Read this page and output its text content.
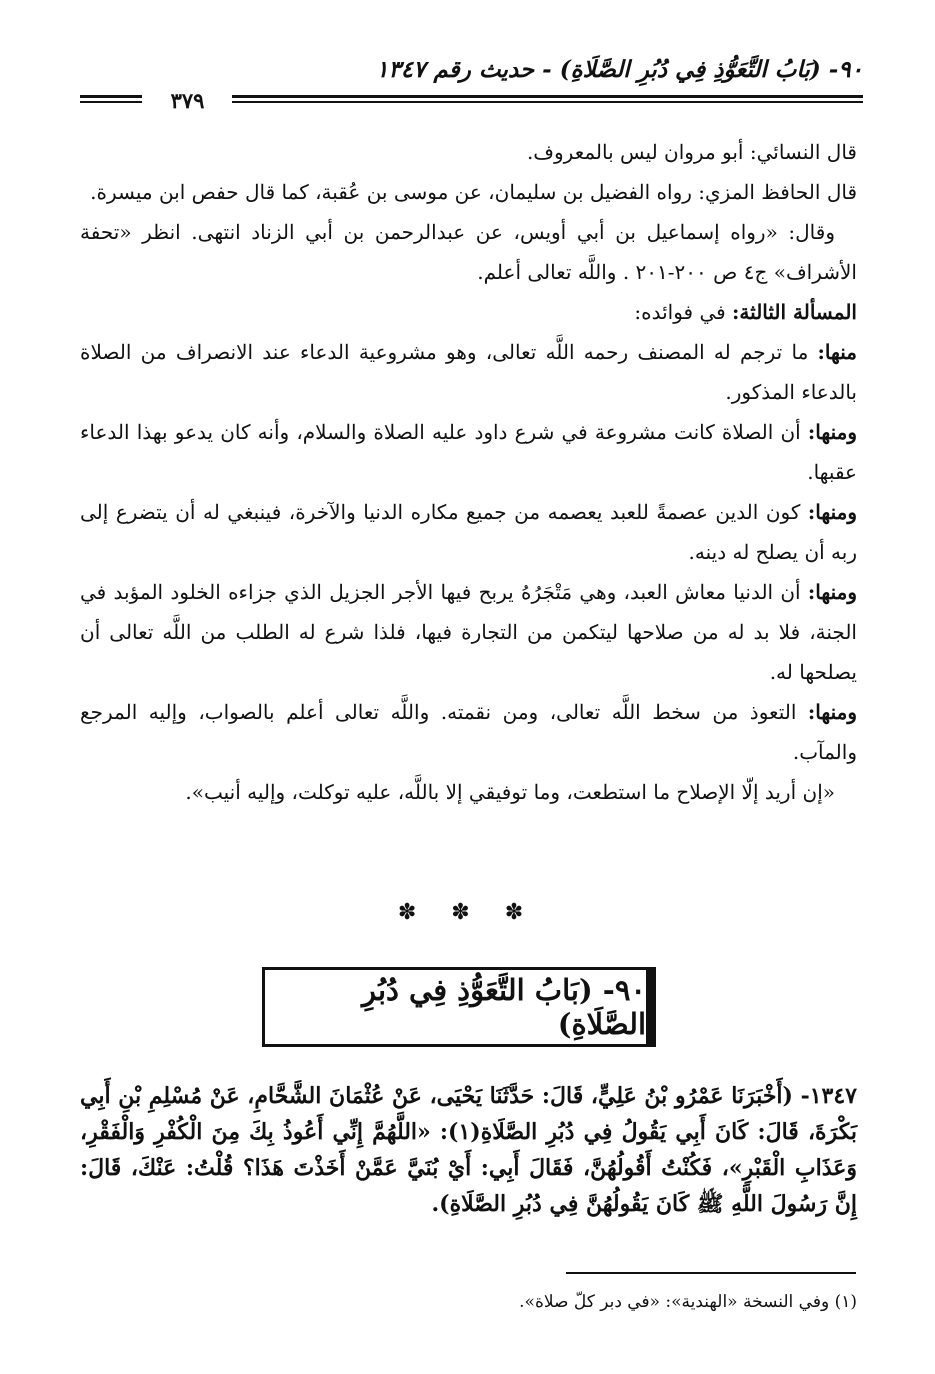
٩٠- (بَابُ التَّعَوُّذِ فِي دُبُرِ الصَّلَاةِ) - حديث رقم ١٣٤٧
٣٧٩

قال النسائي: أبو مروان ليس بالمعروف.

قال الحافظ المزي: رواه الفضيل بن سليمان، عن موسى بن عُقبة، كما قال حفص ابن ميسرة.

وقال: «رواه إسماعيل بن أبي أويس، عن عبدالرحمن بن أبي الزناد انتهى. انظر «تحفة الأشراف» ج٤ ص ٢٠٠-٢٠١ . واللَّه تعالى أعلم.

المسألة الثالثة: في فوائده:

منها: ما ترجم له المصنف رحمه اللَّه تعالى، وهو مشروعية الدعاء عند الانصراف من الصلاة بالدعاء المذكور.

ومنها: أن الصلاة كانت مشروعة في شرع داود عليه الصلاة والسلام، وأنه كان يدعو بهذا الدعاء عقبها.

ومنها: كون الدين عصمةً للعبد يعصمه من جميع مكاره الدنيا والآخرة، فينبغي له أن يتضرع إلى ربه أن يصلح له دينه.

ومنها: أن الدنيا معاش العبد، وهي مَتْجَرُهُ يربح فيها الأجر الجزيل الذي جزاءه الخلود المؤبد في الجنة، فلا بد له من صلاحها ليتكمن من التجارة فيها، فلذا شرع له الطلب من اللَّه تعالى أن يصلحها له.

ومنها: التعوذ من سخط اللَّه تعالى، ومن نقمته. واللَّه تعالى أعلم بالصواب، وإليه المرجع والمآب.

«إن أريد إلّا الإصلاح ما استطعت، وما توفيقي إلا باللَّه، عليه توكلت، وإليه أنيب».

✽ ✽ ✽
٩٠- (بَابُ التَّعَوُّذِ فِي دُبُرِ الصَّلَاةِ)
١٣٤٧- (أَخْبَرَنَا عَمْرُو بْنُ عَلِيٍّ، قَالَ: حَدَّثَنَا يَحْيَى، عَنْ عُثْمَانَ الشَّحَّامِ، عَنْ مُسْلِمِ بْنِ أَبِي بَكْرَةَ، قَالَ: كَانَ أَبِي يَقُولُ فِي دُبُرِ الصَّلَاةِ(١): «اللَّهُمَّ إِنِّي أَعُوذُ بِكَ مِنَ الْكُفْرِ وَالْفَقْرِ، وَعَذَابِ الْقَبْرِ»، فَكُنْتُ أَقُولُهُنَّ، فَقَالَ أَبِي: أَيْ بُنَيَّ عَمَّنْ أَخَذْتَ هَذَا؟ قُلْتُ: عَنْكَ، قَالَ: إِنَّ رَسُولَ اللَّهِ ﷺ كَانَ يَقُولُهُنَّ فِي دُبُرِ الصَّلَاةِ).
(١) وفي النسخة «الهندية»: «في دبر كلّ صلاة».
